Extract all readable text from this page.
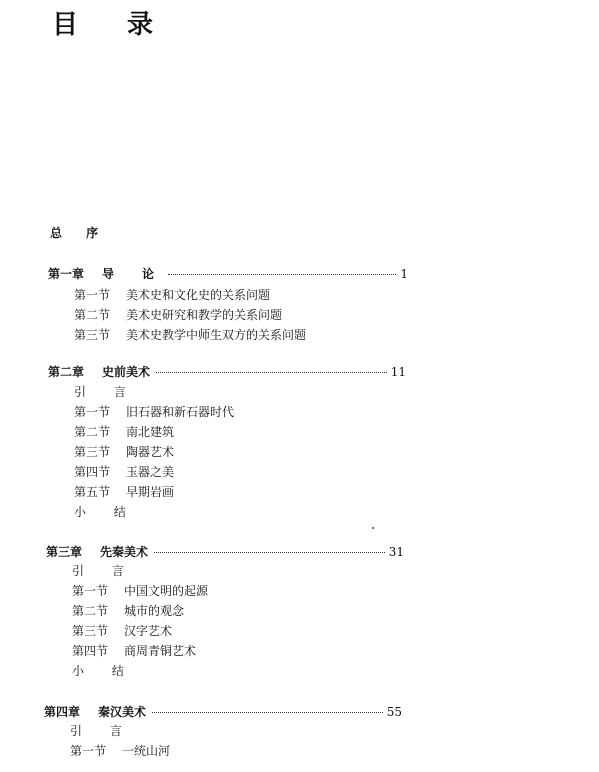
目 录
总 序
第一章	导　论	1
第一节	美术史和文化史的关系问题
第二节	美术史研究和教学的关系问题
第三节	美术史教学中师生双方的关系问题
第二章	史前美术	11
引 言
第一节	旧石器和新石器时代
第二节	南北建筑
第三节	陶器艺术
第四节	玉器之美
第五节	早期岩画
小 结
第三章	先秦美术	31
引 言
第一节	中国文明的起源
第二节	城市的观念
第三节	汉字艺术
第四节	商周青铜艺术
小 结
第四章	秦汉美术	55
引 言
第一节	一统山河
